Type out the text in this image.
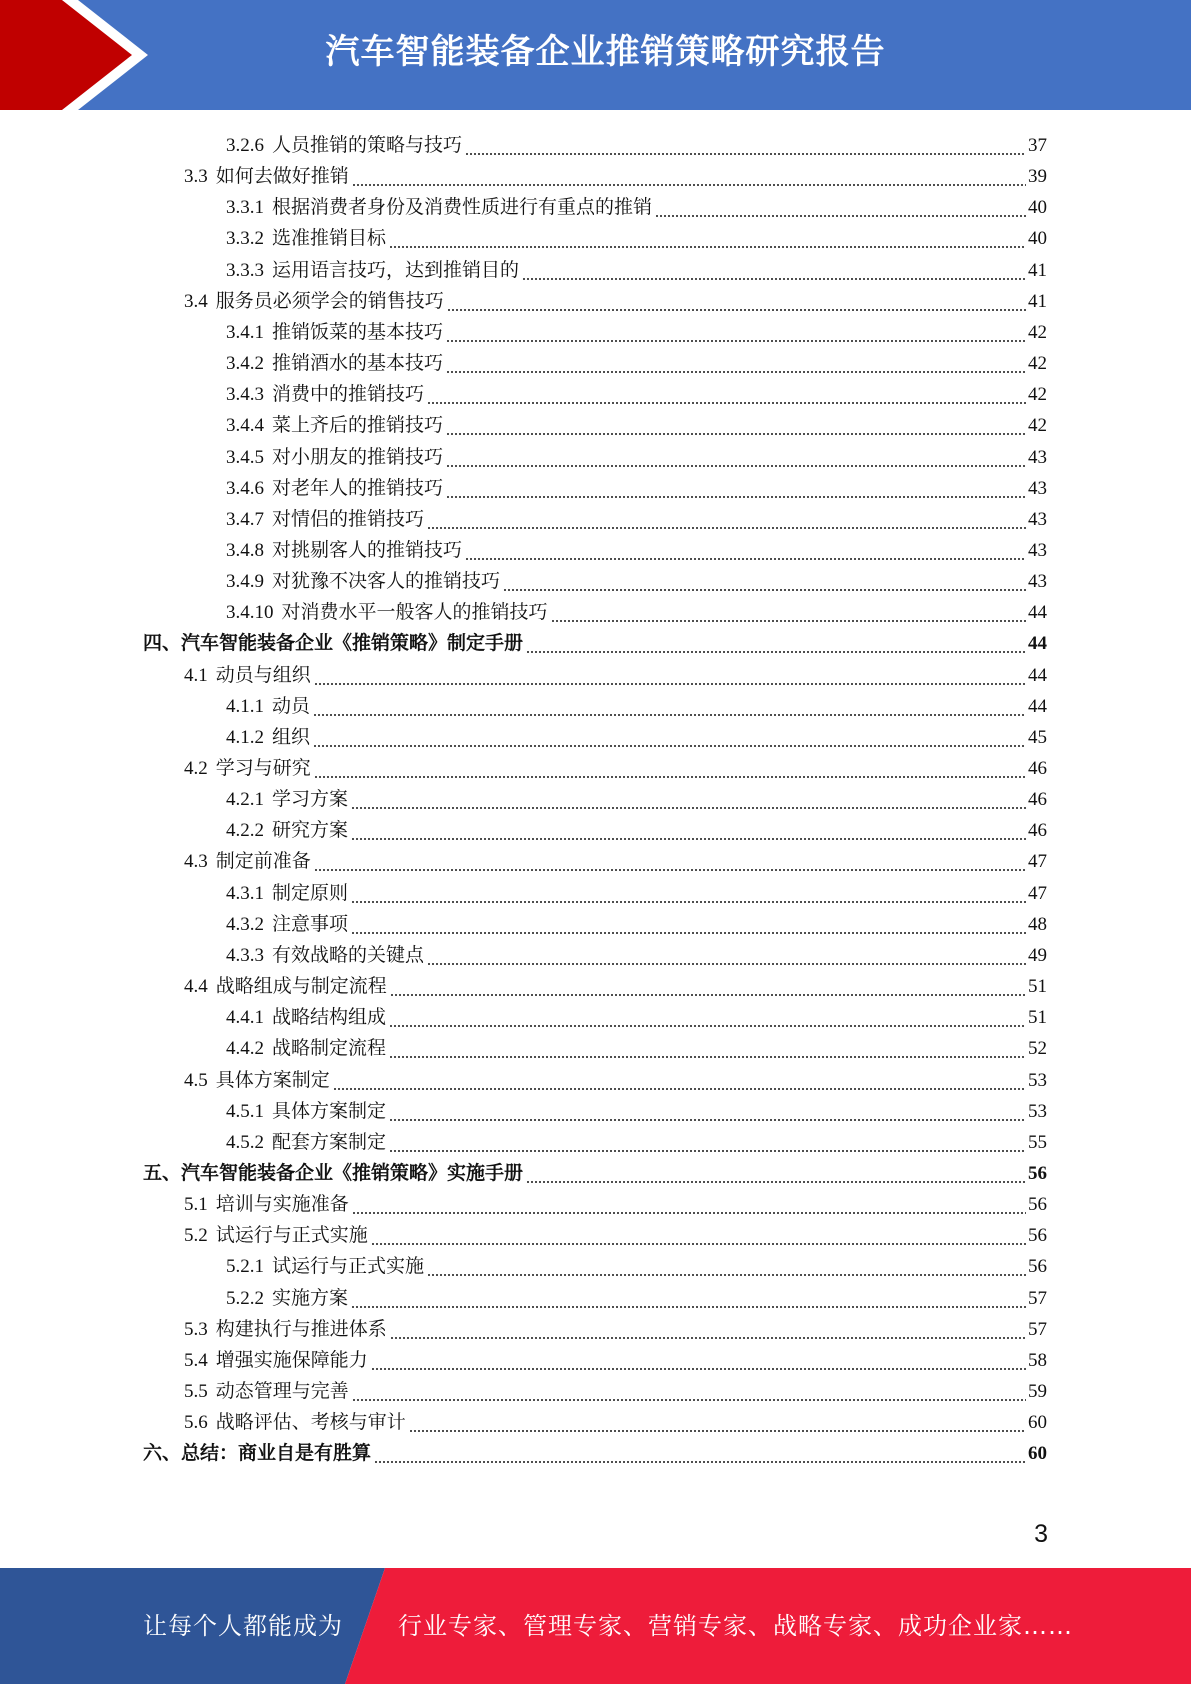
汽车智能装备企业推销策略研究报告
3.2.6 人员推销的策略与技巧	37
3.3 如何去做好推销	39
3.3.1 根据消费者身份及消费性质进行有重点的推销	40
3.3.2 选准推销目标	40
3.3.3 运用语言技巧，达到推销目的	41
3.4 服务员必须学会的销售技巧	41
3.4.1 推销饭菜的基本技巧	42
3.4.2 推销酒水的基本技巧	42
3.4.3 消费中的推销技巧	42
3.4.4 菜上齐后的推销技巧	42
3.4.5 对小朋友的推销技巧	43
3.4.6 对老年人的推销技巧	43
3.4.7 对情侣的推销技巧	43
3.4.8 对挑剔客人的推销技巧	43
3.4.9 对犹豫不决客人的推销技巧	43
3.4.10 对消费水平一般客人的推销技巧	44
四、 汽车智能装备企业《推销策略》制定手册	44
4.1 动员与组织	44
4.1.1 动员	44
4.1.2 组织	45
4.2 学习与研究	46
4.2.1 学习方案	46
4.2.2 研究方案	46
4.3 制定前准备	47
4.3.1 制定原则	47
4.3.2 注意事项	48
4.3.3 有效战略的关键点	49
4.4 战略组成与制定流程	51
4.4.1 战略结构组成	51
4.4.2 战略制定流程	52
4.5 具体方案制定	53
4.5.1 具体方案制定	53
4.5.2 配套方案制定	55
五、 汽车智能装备企业《推销策略》实施手册	56
5.1 培训与实施准备	56
5.2 试运行与正式实施	56
5.2.1 试运行与正式实施	56
5.2.2 实施方案	57
5.3 构建执行与推进体系	57
5.4 增强实施保障能力	58
5.5 动态管理与完善	59
5.6 战略评估、考核与审计	60
六、 总结：商业自是有胜算	60
3
让每个人都能成为 行业专家、管理专家、营销专家、战略专家、成功企业家……
